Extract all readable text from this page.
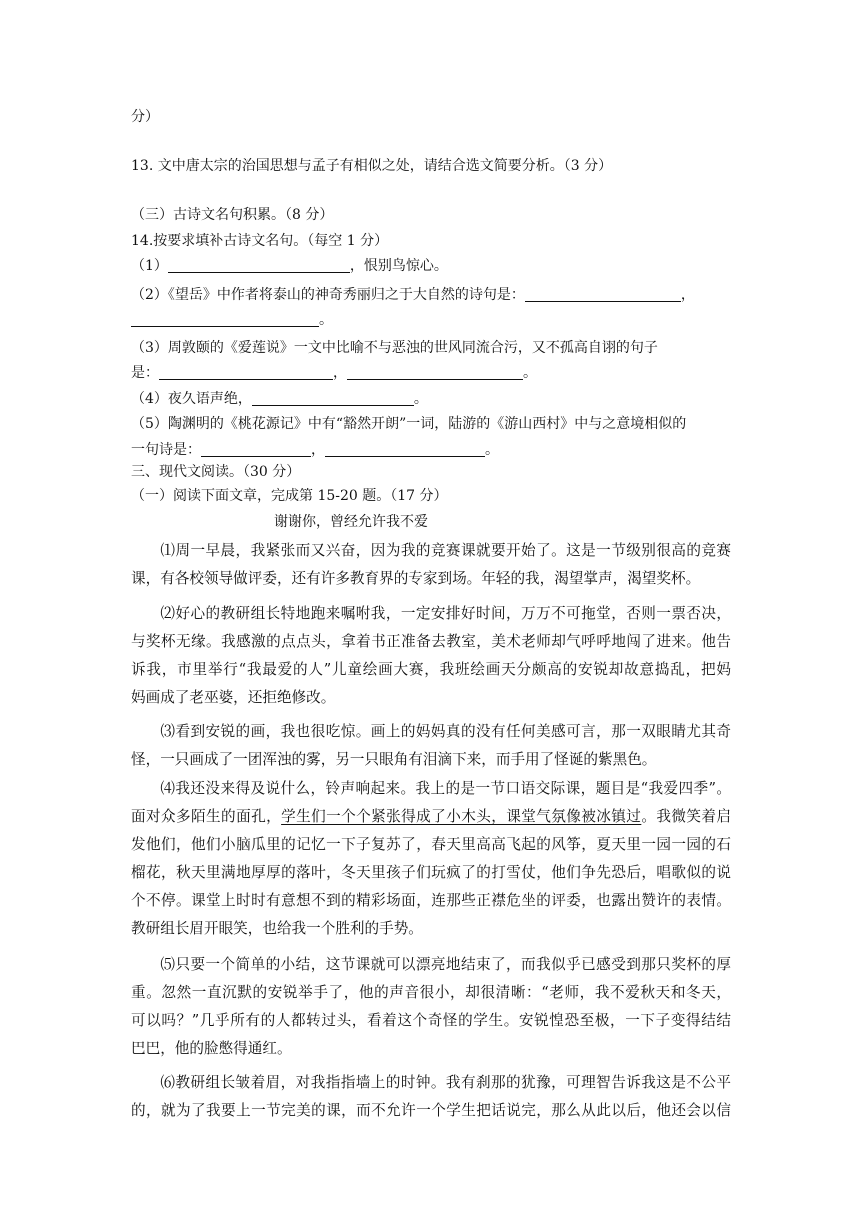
分）
13. 文中唐太宗的治国思想与孟子有相似之处，请结合选文简要分析。（3 分）
（三）古诗文名句积累。（8 分）
14.按要求填补古诗文名句。（每空 1 分）
（1）	，恨别鸟惊心。
（2）《望岳》中作者将泰山的神奇秀丽归之于大自然的诗句是：	，
。
（3）周敦颐的《爱莲说》一文中比喻不与恶浊的世风同流合污，又不孤高自诩的句子
是：	，	。
（4）夜久语声绝，	。
（5）陶渊明的《桃花源记》中有“豁然开朗”一词，陆游的《游山西村》中与之意境相似的
一句诗是：	，	。
三、现代文阅读。（30 分）
（一）阅读下面文章，完成第 15-20 题。（17 分）
谢谢你，曾经允许我不爱
⑴周一早晨，我紧张而又兴奋，因为我的竞赛课就要开始了。这是一节级别很高的竞赛
课，有各校领导做评委，还有许多教育界的专家到场。年轻的我，渴望掌声，渴望奖杯。
⑵好心的教研组长特地跑来嘱咐我，一定安排好时间，万万不可拖堂，否则一票否决，
与奖杯无缘。我感激的点点头，拿着书正准备去教室，美术老师却气呼呼地闯了进来。他告
诉我，市里举行“我最爱的人”儿童绘画大赛，我班绘画天分颇高的安锐却故意捣乱，把妈
妈画成了老巫婆，还拒绝修改。
⑶看到安锐的画，我也很吃惊。画上的妈妈真的没有任何美感可言，那一双眼睛尤其奇
怪，一只画成了一团浑浊的雾，另一只眼角有泪滴下来，而手用了怪诞的紫黑色。
⑷我还没来得及说什么，铃声响起来。我上的是一节口语交际课，题目是“我爱四季”。
面对众多陌生的面孔，学生们一个个紧张得成了小木头，课堂气氛像被冰镇过。我微笑着启
发他们，他们小脑瓜里的记忆一下子复苏了，春天里高高飞起的风筝，夏天里一园一园的石
榴花，秋天里满地厚厚的落叶，冬天里孩子们玩疯了的打雪仗，他们争先恐后，唱歌似的说
个不停。课堂上时时有意想不到的精彩场面，连那些正襟危坐的评委，也露出赞许的表情。
教研组长眉开眼笑，也给我一个胜利的手势。
⑸只要一个简单的小结，这节课就可以漂亮地结束了，而我似乎已感受到那只奖杯的厚
重。忽然一直沉默的安锐举手了，他的声音很小，却很清晰：“老师，我不爱秋天和冬天，
可以吗？”几乎所有的人都转过头，看着这个奇怪的学生。安锐惶恐至极，一下子变得结结
巴巴，他的脸憋得通红。
⑹教研组长皱着眉，对我指指墙上的时钟。我有刹那的犹豫，可理智告诉我这是不公平
的，就为了我要上一节完美的课，而不允许一个学生把话说完，那么从此以后，他还会以信
